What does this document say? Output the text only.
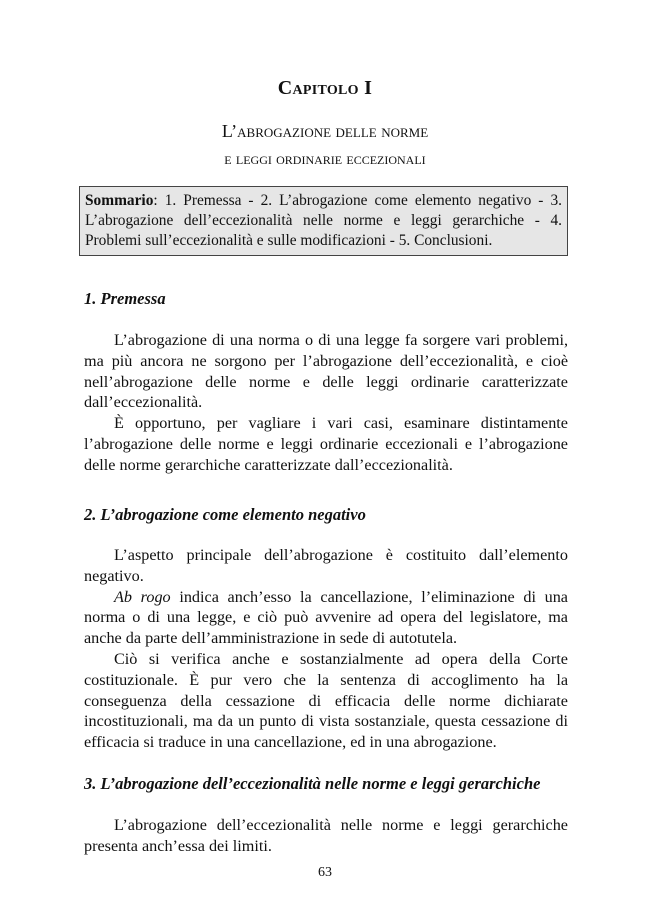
Capitolo I
L’abrogazione delle norme
e leggi ordinarie eccezionali
Sommario: 1. Premessa - 2. L’abrogazione come elemento negativo - 3. L’abrogazione dell’eccezionalità nelle norme e leggi gerarchiche - 4. Problemi sull’eccezionalità e sulle modificazioni - 5. Conclusioni.
1. Premessa

L’abrogazione di una norma o di una legge fa sorgere vari problemi, ma più ancora ne sorgono per l’abrogazione dell’eccezionalità, e cioè nell’abrogazione delle norme e delle leggi ordinarie caratterizzate dall’eccezionalità.

È opportuno, per vagliare i vari casi, esaminare distintamente l’abrogazione delle norme e leggi ordinarie eccezionali e l’abrogazione delle norme gerarchiche caratterizzate dall’eccezionalità.

2. L’abrogazione come elemento negativo

L’aspetto principale dell’abrogazione è costituito dall’elemento negativo.

Ab rogo indica anch’esso la cancellazione, l’eliminazione di una norma o di una legge, e ciò può avvenire ad opera del legislatore, ma anche da parte dell’amministrazione in sede di autotutela.

Ciò si verifica anche e sostanzialmente ad opera della Corte costituzionale. È pur vero che la sentenza di accoglimento ha la conseguenza della cessazione di efficacia delle norme dichiarate incostituzionali, ma da un punto di vista sostanziale, questa cessazione di efficacia si traduce in una cancellazione, ed in una abrogazione.

3. L’abrogazione dell’eccezionalità nelle norme e leggi gerarchiche

L’abrogazione dell’eccezionalità nelle norme e leggi gerarchiche presenta anch’essa dei limiti.

63
